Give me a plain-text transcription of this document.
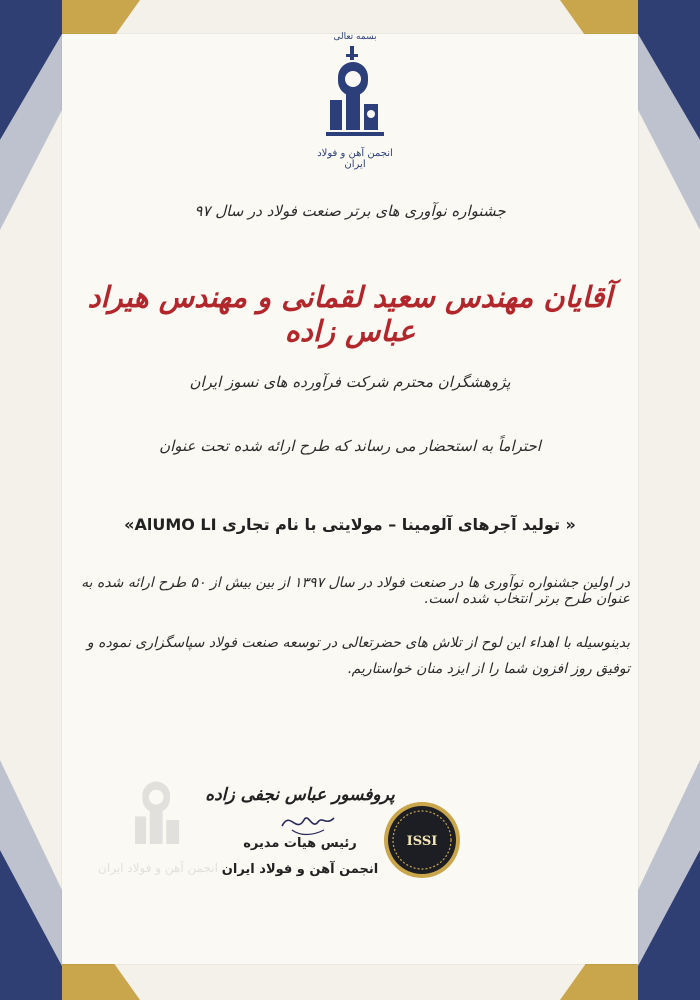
بسمه تعالی
انجمن آهن و فولاد ایران
جشنواره نوآوری های برتر صنعت فولاد در سال ۹۷
آقایان مهندس سعید لقمانی و مهندس هیراد عباس زاده
پژوهشگران محترم شرکت فرآورده های نسوز ایران
احتراماً به استحضار می رساند که طرح ارائه شده تحت عنوان
« تولید آجرهای آلومینا – مولایتی با نام تجاری AlUMO LI»
در اولین جشنواره نوآوری ها در صنعت فولاد در سال ۱۳۹۷ از بین بیش از ۵۰ طرح ارائه شده به عنوان طرح برتر انتخاب شده است.
بدینوسیله با اهداء این لوح از تلاش های حضرتعالی در توسعه صنعت فولاد سپاسگزاری نموده و توفیق روز افزون شما را از ایزد منان خواستاریم.
انجمن آهن و فولاد ایران
پروفسور عباس نجفی زاده
رئیس هیات مدیره
انجمن آهن و فولاد ایران
ISSI
